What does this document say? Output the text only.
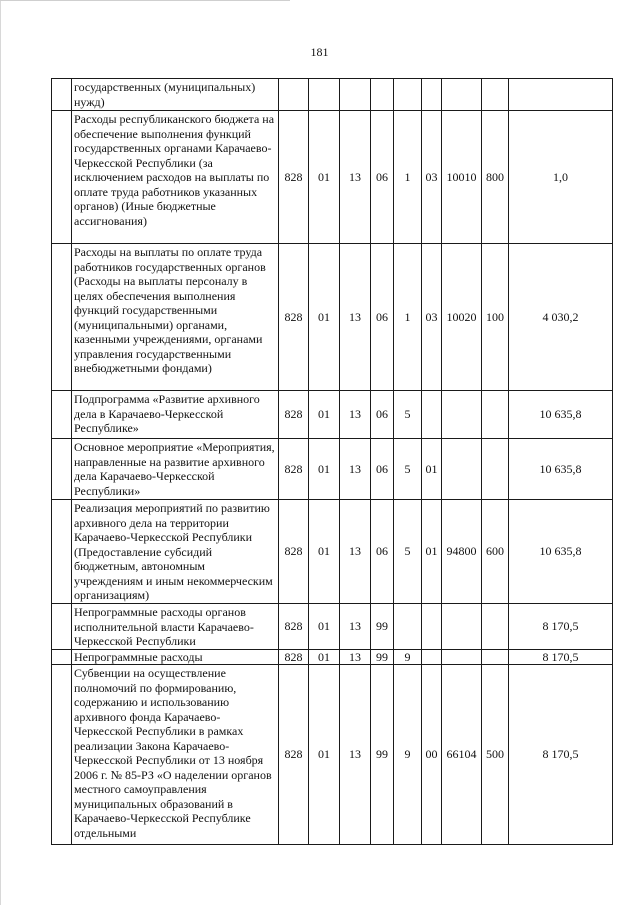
181
	государственных (муниципальных) нужд)									
	Расходы республиканского бюджета на обеспечение выполнения функций государственных органами Карачаево-Черкесской Республики (за исключением расходов на выплаты по оплате труда работников указанных органов) (Иные бюджетные ассигнования)	828	01	13	06	1	03	10010	800	1,0
	Расходы на выплаты по оплате труда работников государственных органов (Расходы на выплаты персоналу в целях обеспечения выполнения функций государственными (муниципальными) органами, казенными учреждениями, органами управления государственными внебюджетными фондами)	828	01	13	06	1	03	10020	100	4 030,2
	Подпрограмма «Развитие архивного дела в Карачаево-Черкесской Республике»	828	01	13	06	5				10 635,8
	Основное мероприятие «Мероприятия, направленные на развитие архивного дела Карачаево-Черкесской Республики»	828	01	13	06	5	01			10 635,8
	Реализация мероприятий по развитию архивного дела на территории Карачаево-Черкесской Республики (Предоставление субсидий бюджетным, автономным учреждениям и иным некоммерческим организациям)	828	01	13	06	5	01	94800	600	10 635,8
	Непрограммные расходы органов исполнительной власти Карачаево-Черкесской Республики	828	01	13	99					8 170,5
	Непрограммные расходы	828	01	13	99	9				8 170,5
	Субвенции на осуществление полномочий по формированию, содержанию и использованию архивного фонда Карачаево-Черкесской Республики в рамках реализации Закона Карачаево-Черкесской Республики от 13 ноября 2006 г. № 85-РЗ «О наделении органов местного самоуправления муниципальных образований в Карачаево-Черкесской Республике отдельными	828	01	13	99	9	00	66104	500	8 170,5
